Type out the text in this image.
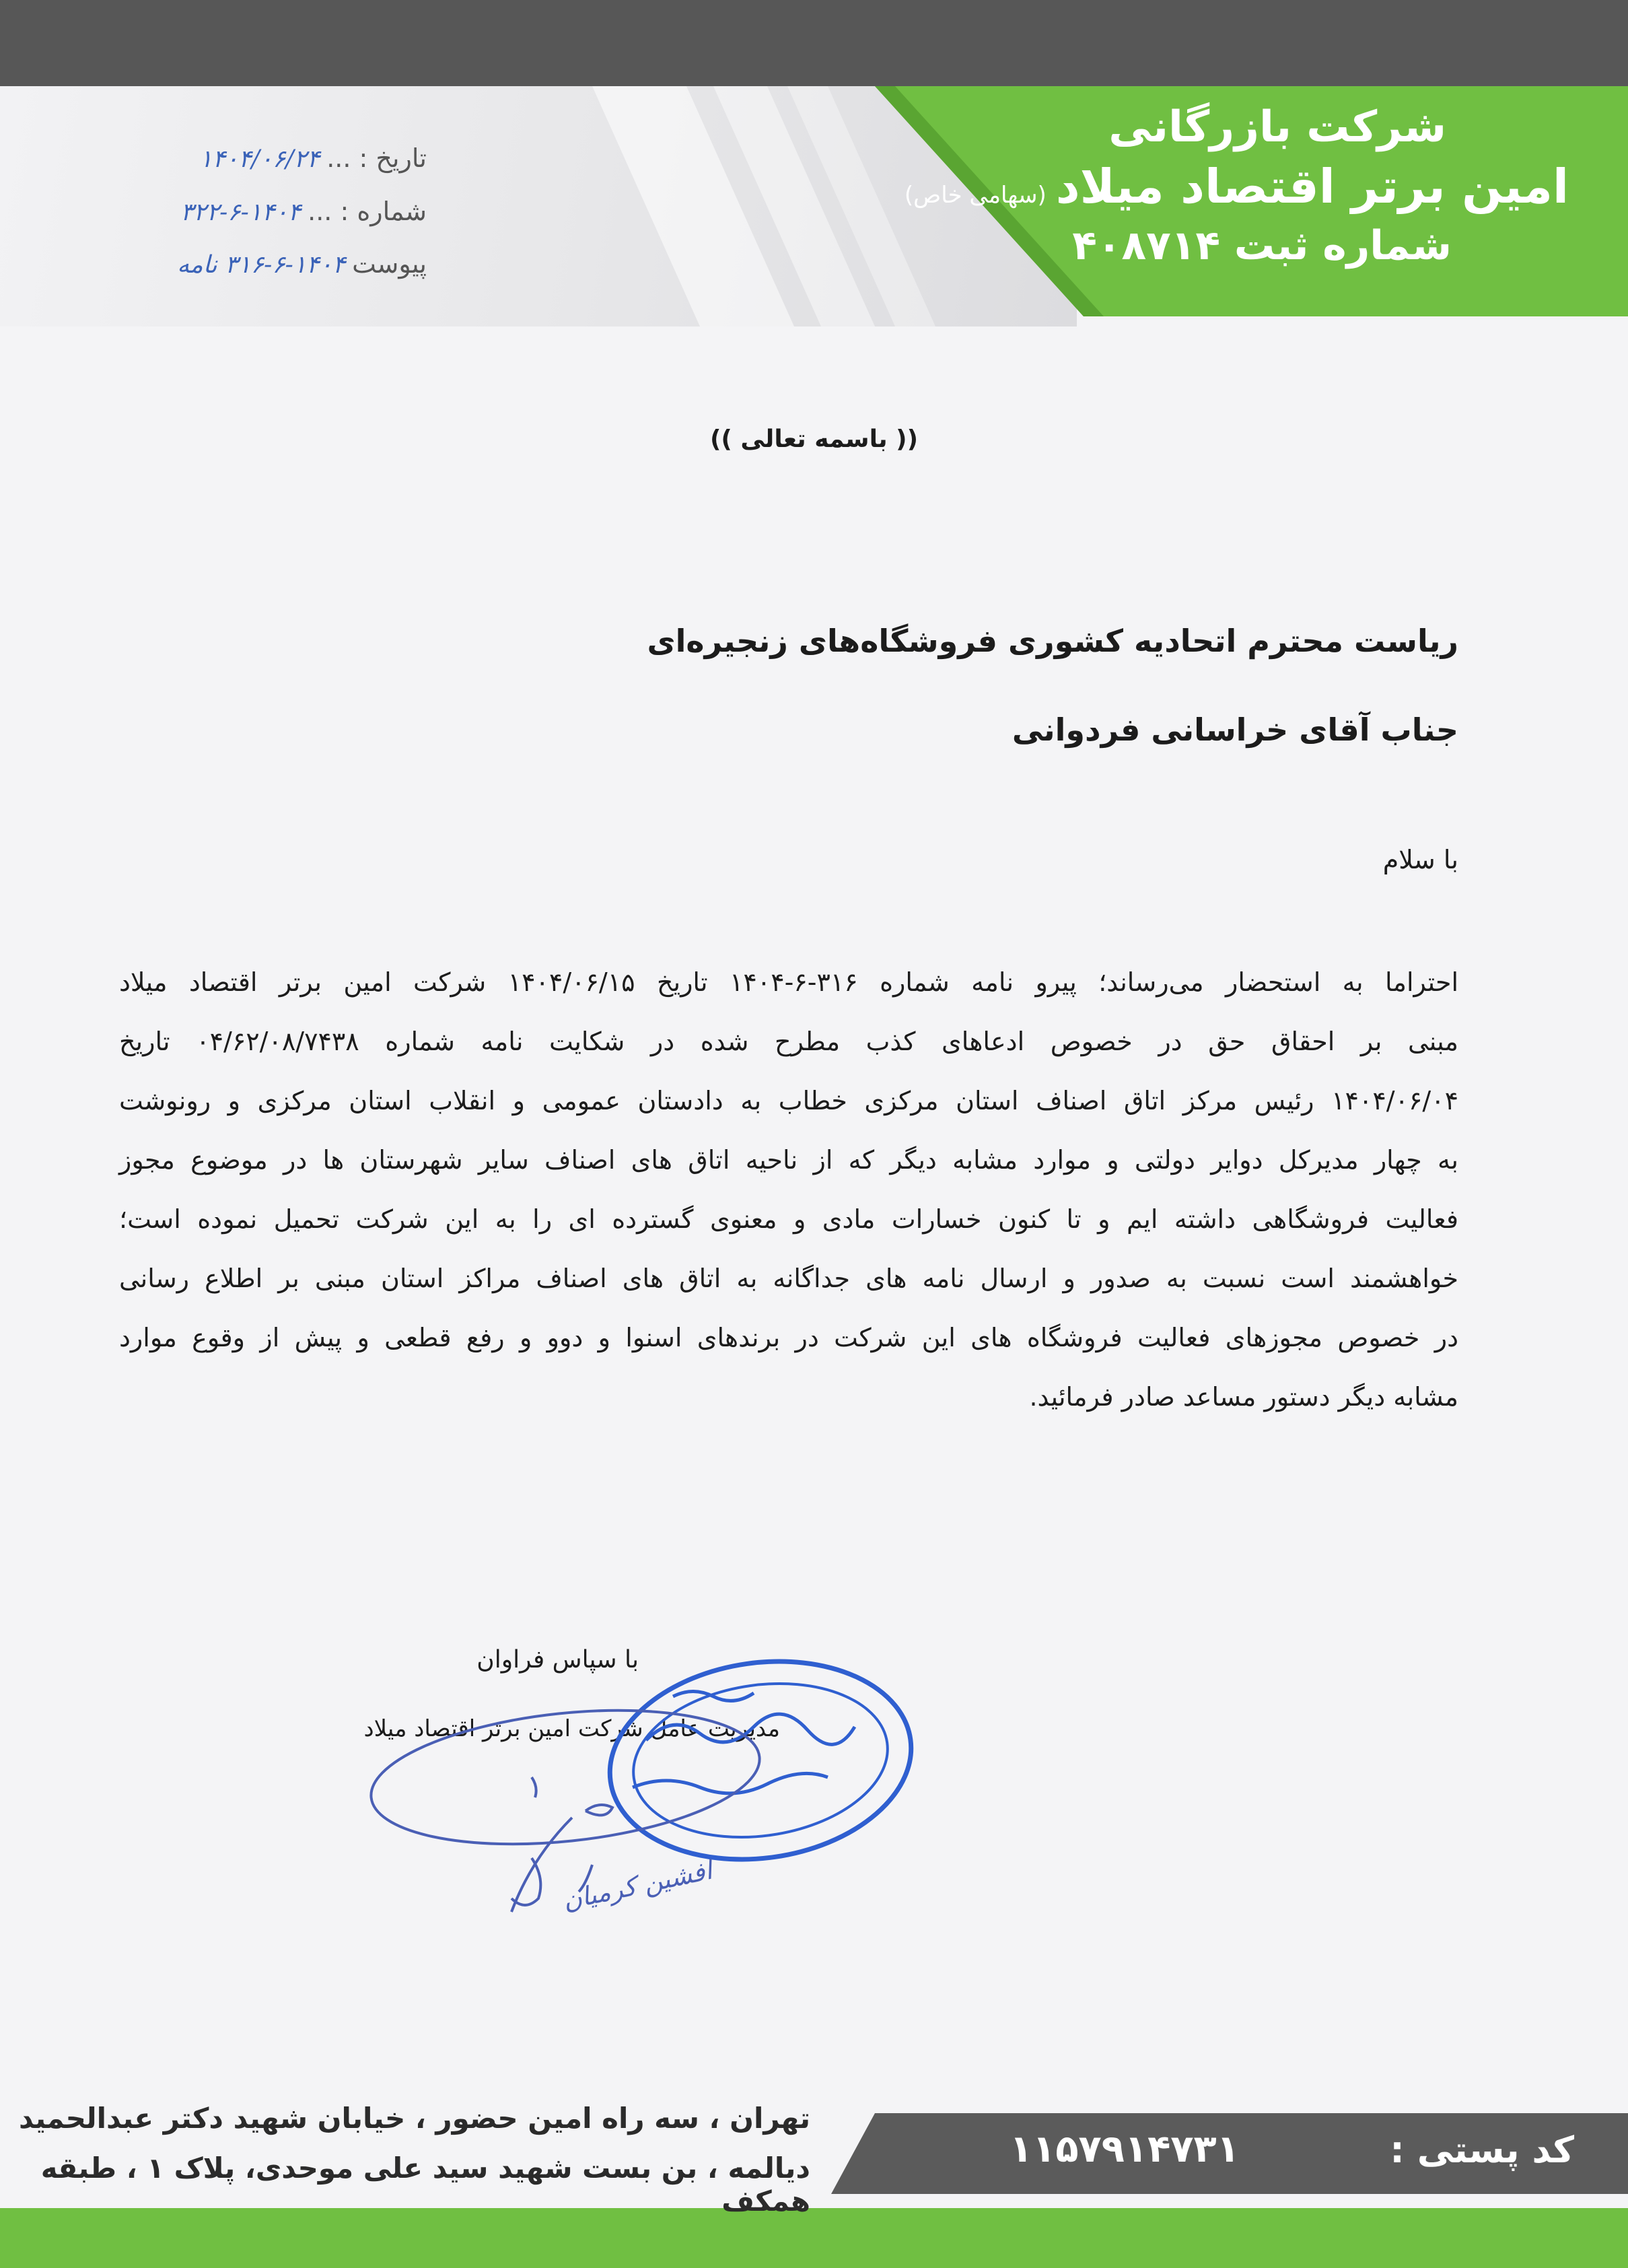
شرکت بازرگانی
امین برتر اقتصاد میلاد(سهامی خاص)
شماره ثبت ۴۰۸۷۱۴
تاریخ : ...۱۴۰۴/۰۶/۲۴
شماره : ...۱۴۰۴-۶-۳۲۲
پیوست۱۴۰۴-۶-۳۱۶ نامه
(( باسمه تعالی ))
ریاست محترم اتحادیه کشوری فروشگاه‌های زنجیره‌ای
جناب آقای خراسانی فردوانی
با سلام

احتراما به استحضار می‌رساند؛ پیرو نامه شماره ۳۱۶-۶-۱۴۰۴ تاریخ ۱۴۰۴/۰۶/۱۵ شرکت امین برتر اقتصاد میلاد

مبنی بر احقاق حق در خصوص ادعاهای کذب مطرح شده در شکایت نامه شماره ۰۴/۶۲/۰۸/۷۴۳۸ تاریخ

۱۴۰۴/۰۶/۰۴ رئیس مرکز اتاق اصناف استان مرکزی خطاب به دادستان عمومی و انقلاب استان مرکزی و رونوشت

به چهار مدیرکل دوایر دولتی و موارد مشابه دیگر که از ناحیه اتاق های اصناف سایر شهرستان ها در موضوع مجوز

فعالیت فروشگاهی داشته ایم و تا کنون خسارات مادی و معنوی گسترده ای را به این شرکت تحمیل نموده است؛

خواهشمند است نسبت به صدور و ارسال نامه های جداگانه به اتاق های اصناف مراکز استان مبنی بر اطلاع رسانی

در خصوص مجوزهای فعالیت فروشگاه های این شرکت در برندهای اسنوا و دوو و رفع قطعی و پیش از وقوع موارد

مشابه دیگر دستور مساعد صادر فرمائید.

با سپاس فراوان
مدیریت عامل شرکت امین برتر اقتصاد میلاد
افشین کرمیان
کد پستی :
۱۱۵۷۹۱۴۷۳۱
تهران ، سه راه امین حضور ، خیابان شهید دکتر عبدالحمید
دیالمه ، بن بست شهید سید علی موحدی، پلاک ۱ ، طبقه همکف
